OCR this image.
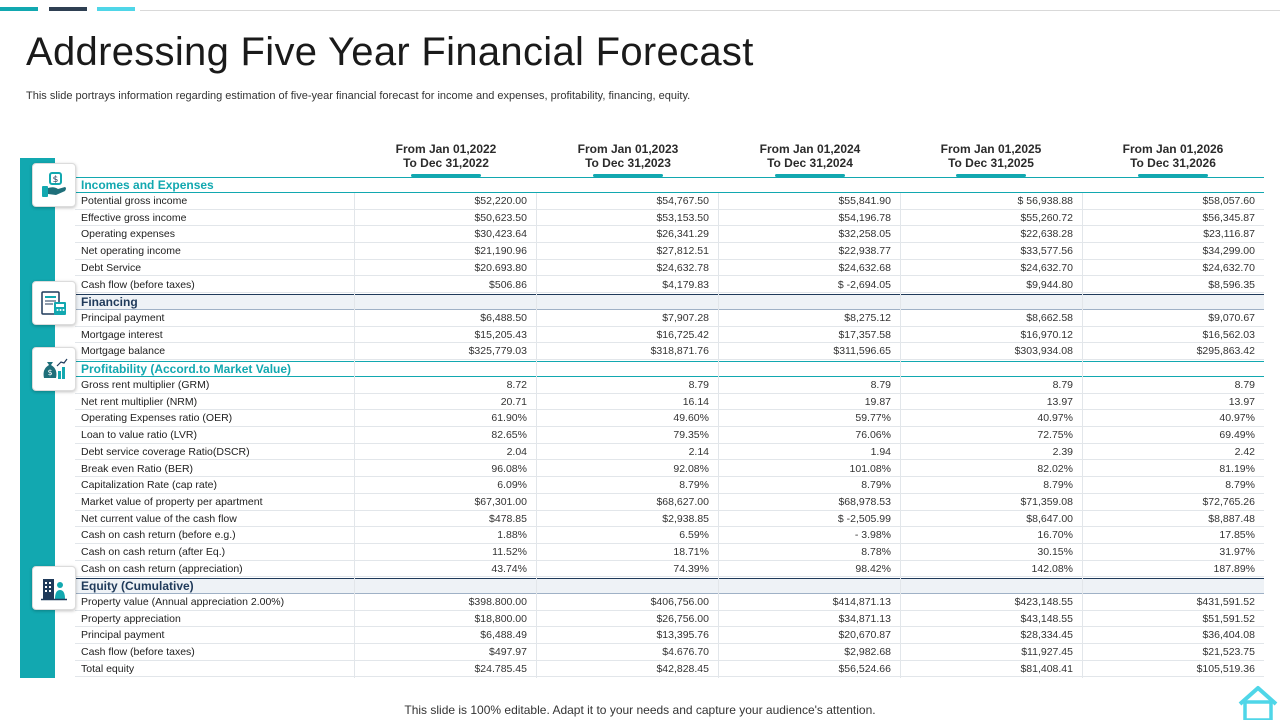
Addressing Five Year Financial Forecast

This slide portrays information regarding estimation of five-year financial forecast for income and expenses, profitability, financing, equity.

From Jan 01,2022
To Dec 31,2022
From Jan 01,2023
To Dec 31,2023
From Jan 01,2024
To Dec 31,2024
From Jan 01,2025
To Dec 31,2025
From Jan 01,2026
To Dec 31,2026
Incomes and Expenses
Potential gross income	$52,220.00	$54,767.50	$55,841.90	$ 56,938.88	$58,057.60
Effective gross income	$50,623.50	$53,153.50	$54,196.78	$55,260.72	$56,345.87
Operating expenses	$30,423.64	$26,341.29	$32,258.05	$22,638.28	$23,116.87
Net operating income	$21,190.96	$27,812.51	$22,938.77	$33,577.56	$34,299.00
Debt Service	$20.693.80	$24,632.78	$24,632.68	$24,632.70	$24,632.70
Cash flow (before taxes)	$506.86	$4,179.83	$ -2,694.05	$9,944.80	$8,596.35
Financing
Principal payment	$6,488.50	$7,907.28	$8,275.12	$8,662.58	$9,070.67
Mortgage interest	$15,205.43	$16,725.42	$17,357.58	$16,970.12	$16,562.03
Mortgage balance	$325,779.03	$318,871.76	$311,596.65	$303,934.08	$295,863.42
Profitability (Accord.to Market Value)
Gross rent multiplier (GRM)	8.72	8.79	8.79	8.79	8.79
Net rent multiplier (NRM)	20.71	16.14	19.87	13.97	13.97
Operating Expenses ratio (OER)	61.90%	49.60%	59.77%	40.97%	40.97%
Loan to value ratio (LVR)	82.65%	79.35%	76.06%	72.75%	69.49%
Debt service coverage Ratio(DSCR)	2.04	2.14	1.94	2.39	2.42
Break even Ratio (BER)	96.08%	92.08%	101.08%	82.02%	81.19%
Capitalization Rate (cap rate)	6.09%	8.79%	8.79%	8.79%	8.79%
Market value of property per apartment	$67,301.00	$68,627.00	$68,978.53	$71,359.08	$72,765.26
Net current value of the cash flow	$478.85	$2,938.85	$ -2,505.99	$8,647.00	$8,887.48
Cash on cash return (before e.g.)	1.88%	6.59%	- 3.98%	16.70%	17.85%
Cash on cash return (after Eq.)	11.52%	18.71%	8.78%	30.15%	31.97%
Cash on cash return (appreciation)	43.74%	74.39%	98.42%	142.08%	187.89%
Equity (Cumulative)
Property value (Annual appreciation 2.00%)	$398.800.00	$406,756.00	$414,871.13	$423,148.55	$431,591.52
Property appreciation	$18,800.00	$26,756.00	$34,871.13	$43,148.55	$51,591.52
Principal payment	$6,488.49	$13,395.76	$20,670.87	$28,334.45	$36,404.08
Cash flow (before taxes)	$497.97	$4.676.70	$2,982.68	$11,927.45	$21,523.75
Total equity	$24.785.45	$42,828.45	$56,524.66	$81,408.41	$105,519.36
$
$

This slide is 100% editable. Adapt it to your needs and capture your audience's attention.
